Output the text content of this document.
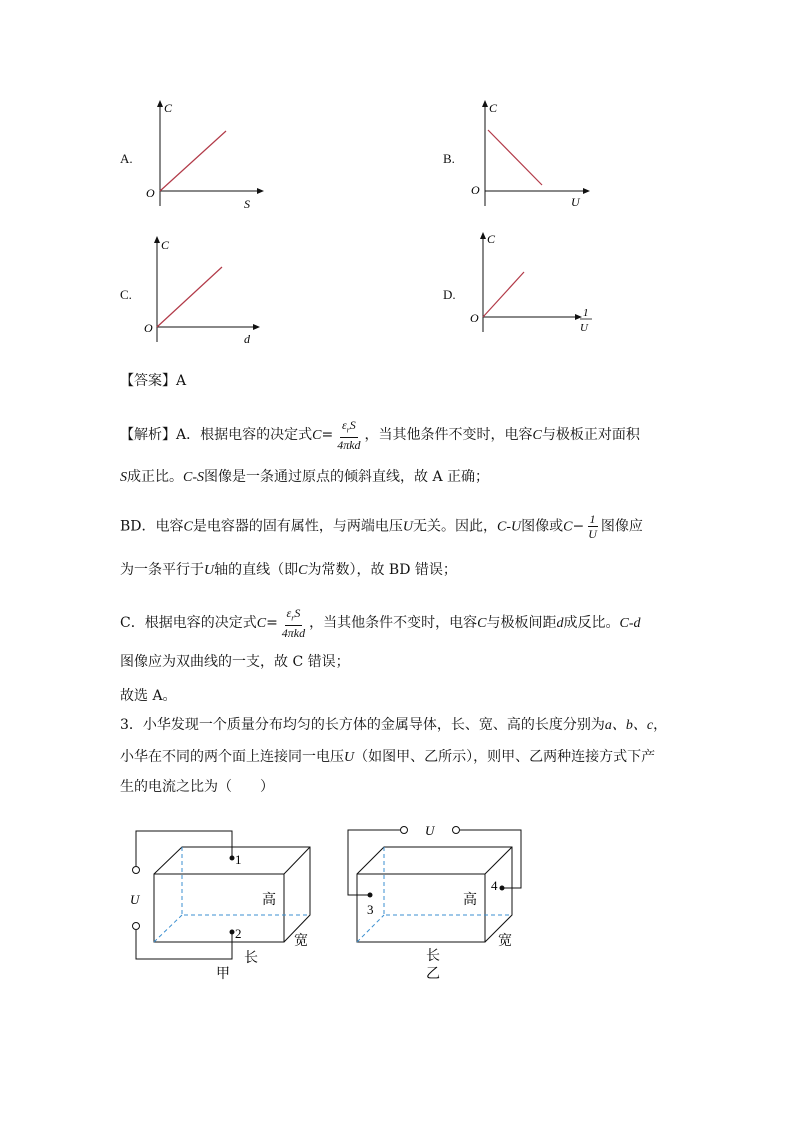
A.
C
O
S
B.
C
O
U
C.
C
O
d
D.
C
O	1
U
【答案】A
【解析】A．根据电容的决定式$C= \frac{\varepsilon_rS}{\text{4πkd}}$ ，当其他条件不变时，电容C与极板正对面积
S成正比。C-S图像是一条通过原点的倾斜直线，故 A 正确；
BD．电容C是电容器的固有属性，与两端电压U无关。因此，C-U图像或$C- \frac{1}{U}$ 图像应
为一条平行于U轴的直线（即C为常数），故 BD 错误；
C．根据电容的决定式$C= \frac{\varepsilon_rS}{\text{4πkd}}$ ，当其他条件不变时，电容C与极板间距d成反比。C-d
图像应为双曲线的一支，故 C 错误；
故选 A。
3．小华发现一个质量分布均匀的长方体的金属导体，长、宽、高的长度分别为a、b、c，
小华在不同的两个面上连接同一电压U（如图甲、乙所示），则甲、乙两种连接方式下产
生的电流之比为（　　）
U
1
2
高
长
宽
甲
U
3
4
高
长
宽
乙
